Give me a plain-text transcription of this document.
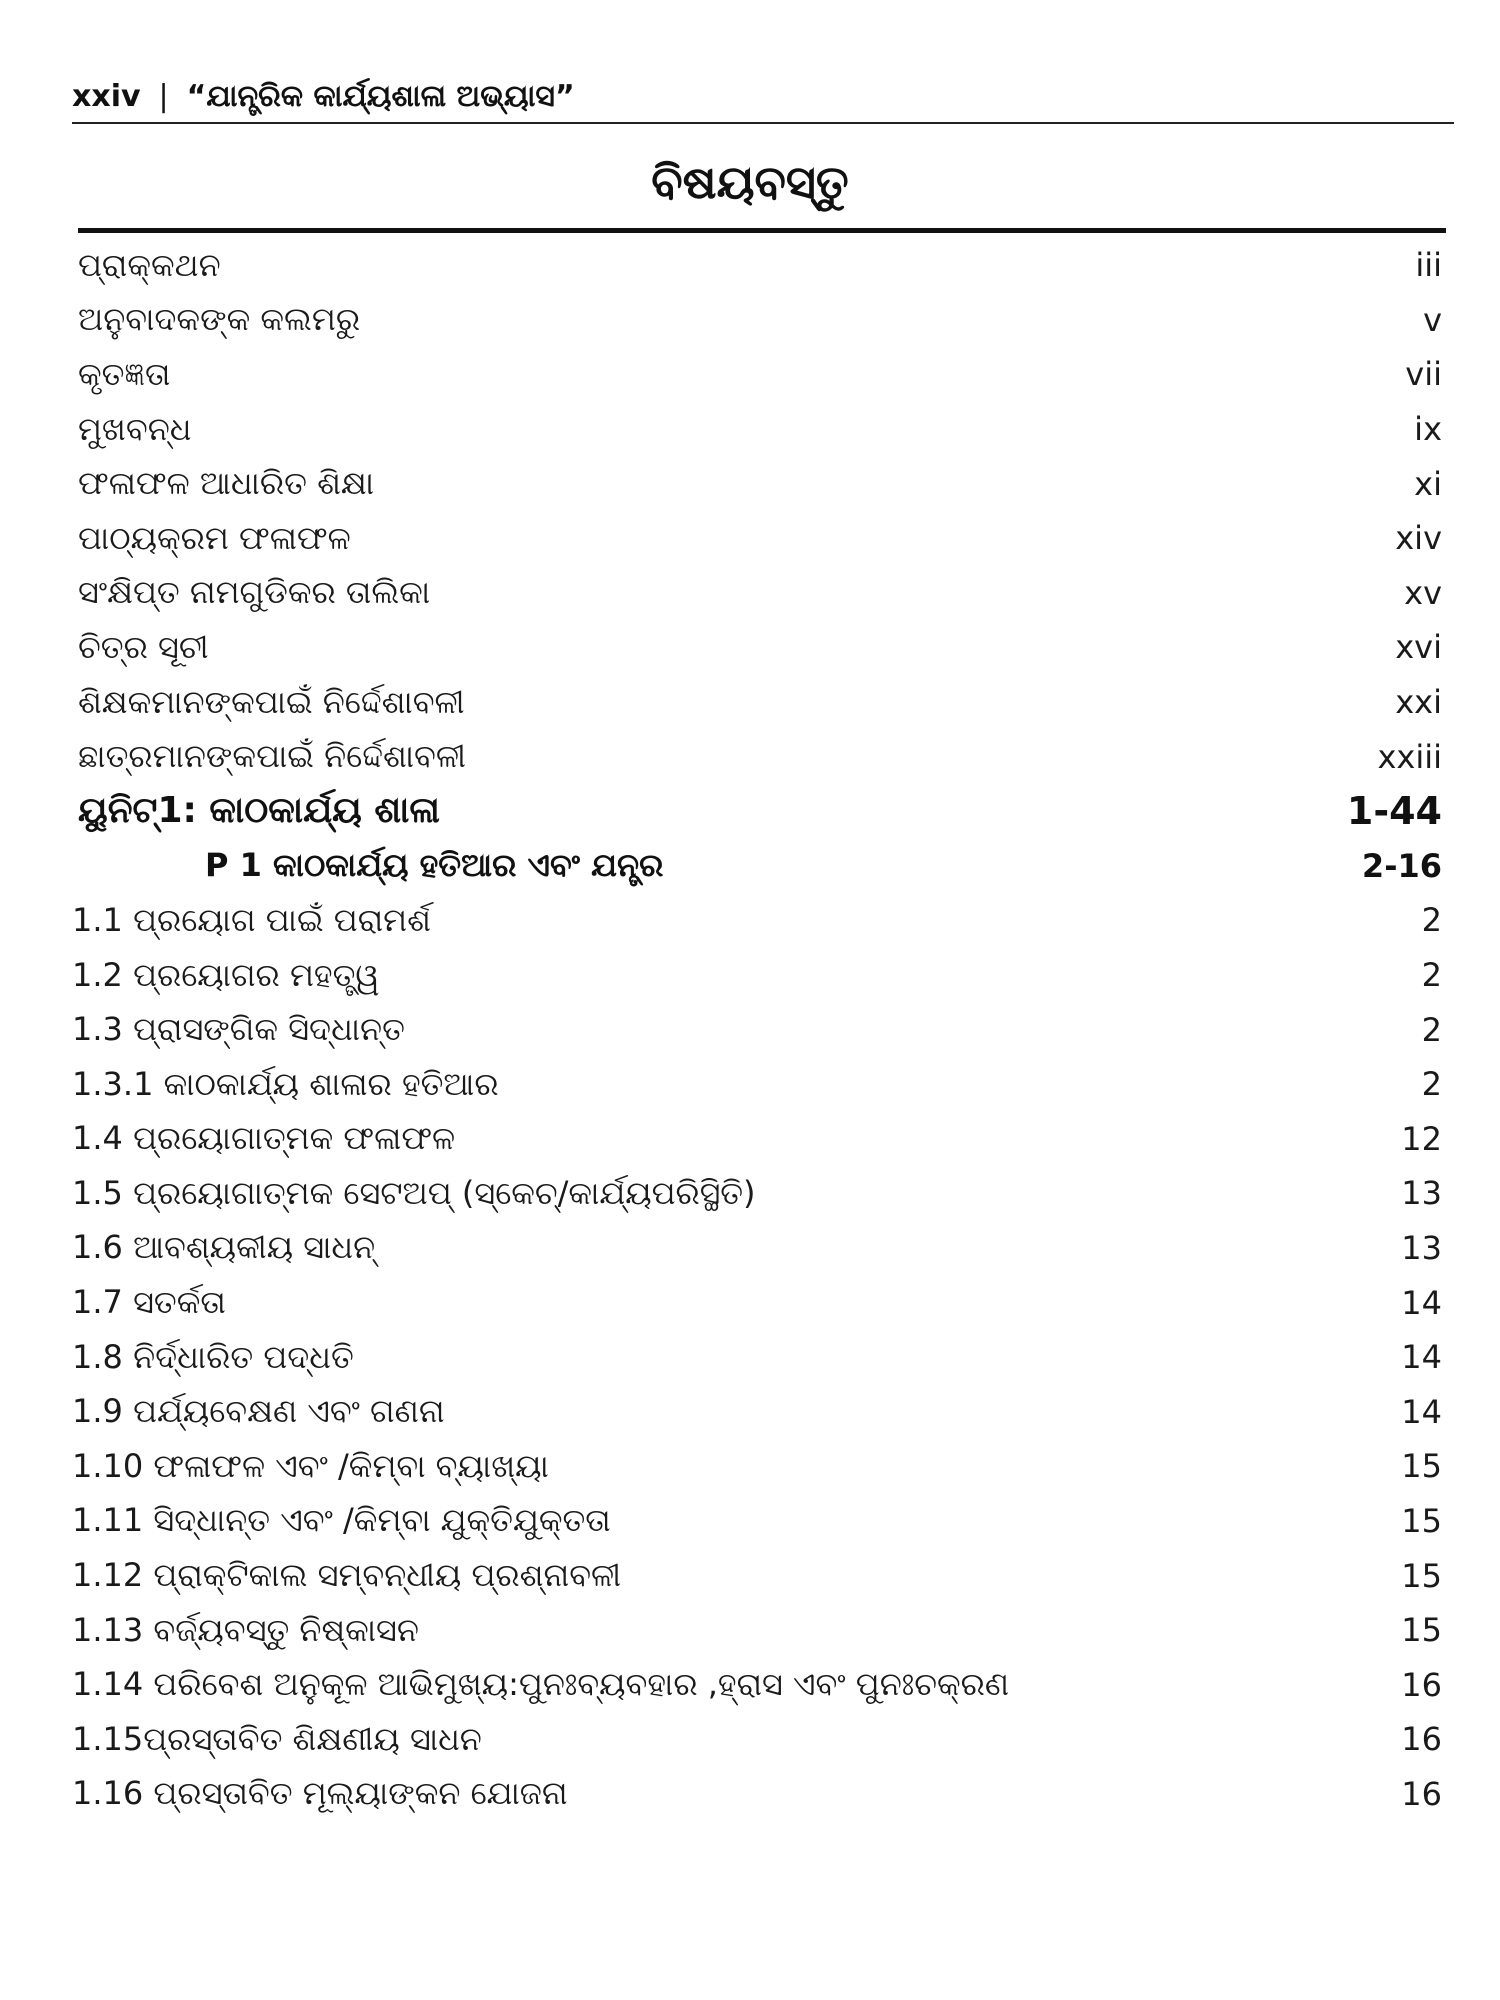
xxiv | “ଯାନ୍ତ୍ରିକ କାର୍ଯ୍ୟଶାଳା ଅଭ୍ୟାସ”
ବିଷୟବସ୍ତୁ
ପ୍ରାକ୍କଥନ	iii
ଅନୁବାଦକଙ୍କ କଲମରୁ	v
କୃତଜ୍ଞତା	vii
ମୁଖବନ୍ଧ	ix
ଫଳାଫଳ ଆଧାରିତ ଶିକ୍ଷା	xi
ପାଠ୍ୟକ୍ରମ ଫଳାଫଳ	xiv
ସଂକ୍ଷିପ୍ତ ନାମଗୁଡିକର ତାଲିକା	xv
ଚିତ୍ର ସୂଚୀ	xvi
ଶିକ୍ଷକମାନଙ୍କପାଇଁ ନିର୍ଦ୍ଦେଶାବଳୀ	xxi
ଛାତ୍ରମାନଙ୍କପାଇଁ ନିର୍ଦ୍ଦେଶାବଳୀ	xxiii
ୟୁନିଟ୍1: କାଠକାର୍ଯ୍ୟ ଶାଳା	1-44
P 1 କାଠକାର୍ଯ୍ୟ ହତିଆର ଏବଂ ଯନ୍ତ୍ର	2-16
1.1 ପ୍ରୟୋଗ ପାଇଁ ପରାମର୍ଶ	2
1.2 ପ୍ରୟୋଗର ମହତ୍ତ୍ୱ	2
1.3 ପ୍ରାସଙ୍ଗିକ ସିଦ୍ଧାନ୍ତ	2
1.3.1 କାଠକାର୍ଯ୍ୟ ଶାଳାର ହତିଆର	2
1.4 ପ୍ରୟୋଗାତ୍ମକ ଫଳାଫଳ	12
1.5 ପ୍ରୟୋଗାତ୍ମକ ସେଟଅପ୍ (ସ୍କେଚ୍/କାର୍ଯ୍ୟପରିସ୍ଥିତି)	13
1.6 ଆବଶ୍ୟକୀୟ ସାଧନ୍	13
1.7 ସତର୍କତା	14
1.8 ନିର୍ଦ୍ଧାରିତ ପଦ୍ଧତି	14
1.9 ପର୍ଯ୍ୟବେକ୍ଷଣ ଏବଂ ଗଣନା	14
1.10 ଫଳାଫଳ ଏବଂ /କିମ୍ବା ବ୍ୟାଖ୍ୟା	15
1.11 ସିଦ୍ଧାନ୍ତ ଏବଂ /କିମ୍ବା ଯୁକ୍ତିଯୁକ୍ତତା	15
1.12 ପ୍ରାକ୍ଟିକାଲ ସମ୍ବନ୍ଧୀୟ ପ୍ରଶ୍ନାବଳୀ	15
1.13 ବର୍ଜ୍ୟବସ୍ତୁ ନିଷ୍କାସନ	15
1.14 ପରିବେଶ ଅନୁକୂଳ ଆଭିମୁଖ୍ୟ:ପୁନଃବ୍ୟବହାର ,ହ୍ରାସ ଏବଂ ପୁନଃଚକ୍ରଣ	16
1.15ପ୍ରସ୍ତାବିତ ଶିକ୍ଷଣୀୟ ସାଧନ	16
1.16 ପ୍ରସ୍ତାବିତ ମୂଲ୍ୟାଙ୍କନ ଯୋଜନା	16
